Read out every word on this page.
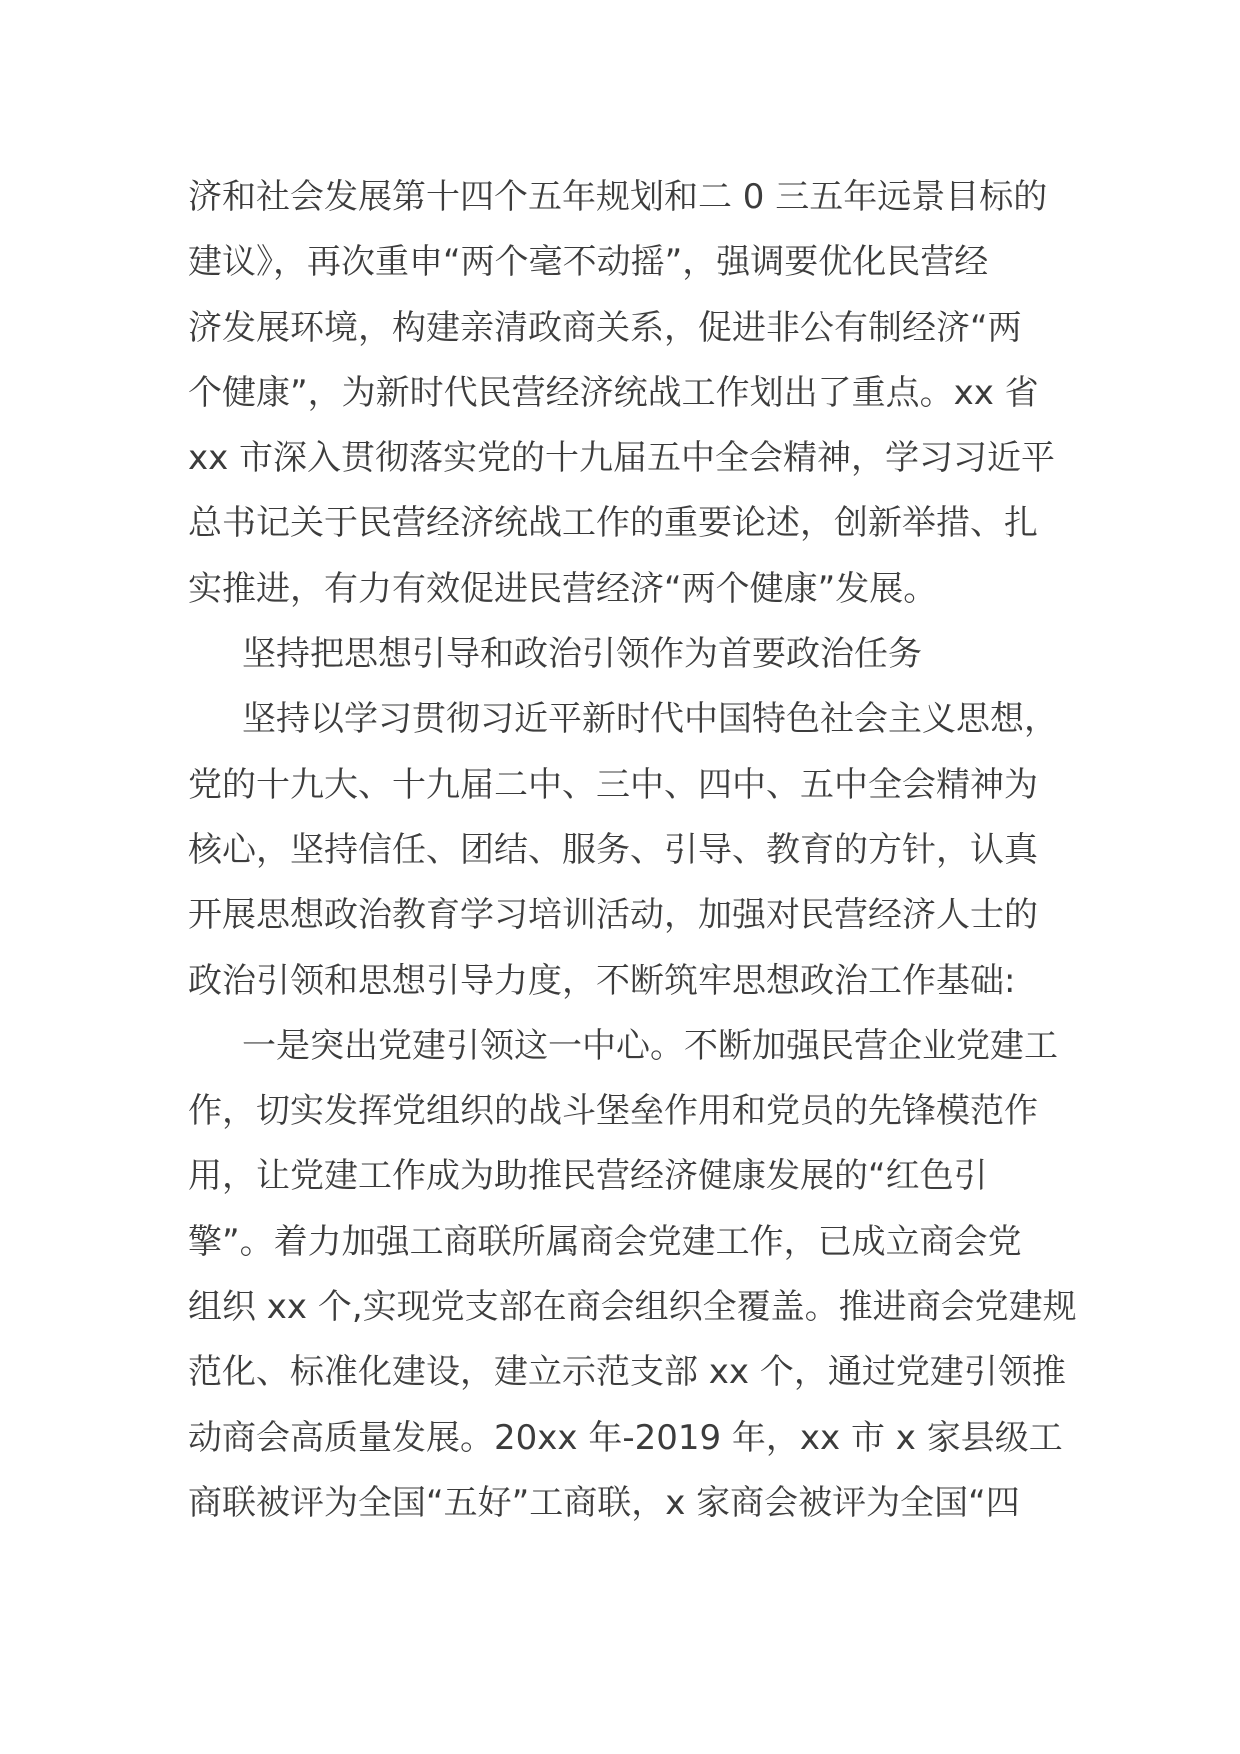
济和社会发展第十四个五年规划和二 0 三五年远景目标的
建议》，再次重申“两个毫不动摇”，强调要优化民营经
济发展环境，构建亲清政商关系，促进非公有制经济“两
个健康”，为新时代民营经济统战工作划出了重点。xx 省
xx 市深入贯彻落实党的十九届五中全会精神，学习习近平
总书记关于民营经济统战工作的重要论述，创新举措、扎
实推进，有力有效促进民营经济“两个健康”发展。
坚持把思想引导和政治引领作为首要政治任务
坚持以学习贯彻习近平新时代中国特色社会主义思想，
党的十九大、十九届二中、三中、四中、五中全会精神为
核心，坚持信任、团结、服务、引导、教育的方针，认真
开展思想政治教育学习培训活动，加强对民营经济人士的
政治引领和思想引导力度，不断筑牢思想政治工作基础:
一是突出党建引领这一中心。不断加强民营企业党建工
作，切实发挥党组织的战斗堡垒作用和党员的先锋模范作
用，让党建工作成为助推民营经济健康发展的“红色引
擎”。着力加强工商联所属商会党建工作，已成立商会党
组织 xx 个,实现党支部在商会组织全覆盖。推进商会党建规
范化、标准化建设，建立示范支部 xx 个，通过党建引领推
动商会高质量发展。20xx 年-2019 年，xx 市 x 家县级工
商联被评为全国“五好”工商联，x 家商会被评为全国“四
